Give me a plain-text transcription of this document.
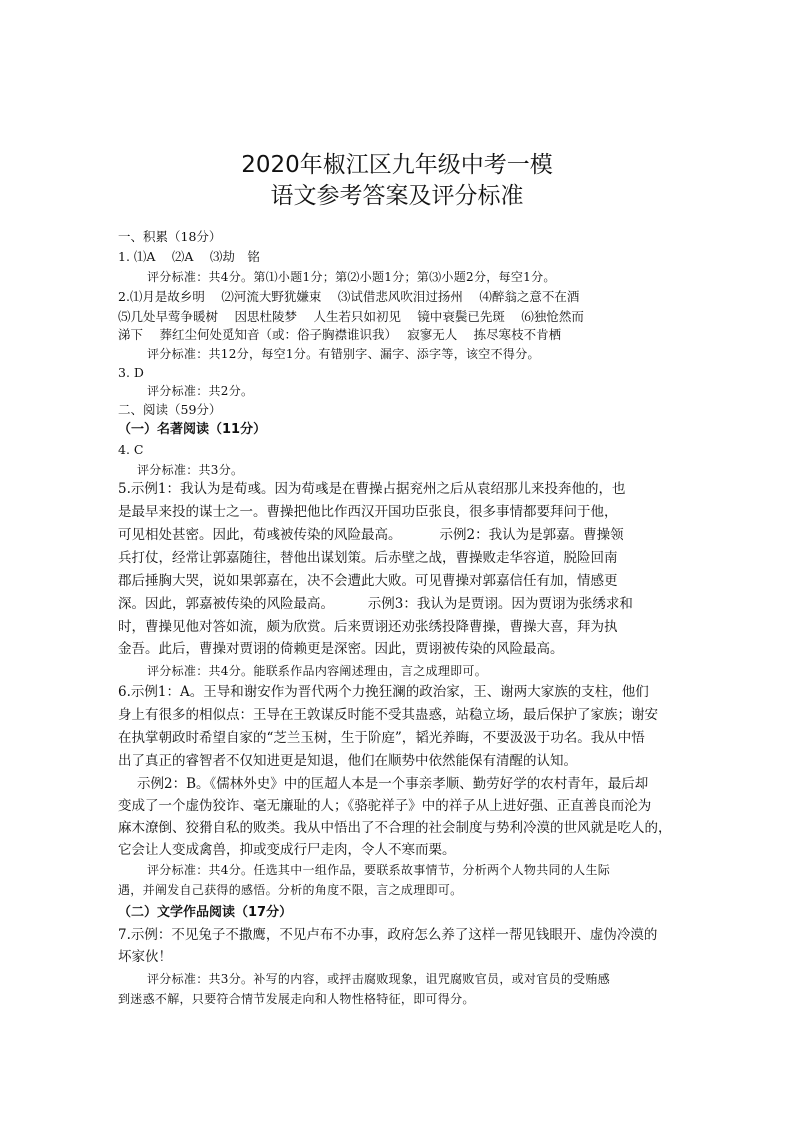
2020年椒江区九年级中考一模
语文参考答案及评分标准
一、积累（18分）
1. ⑴A　 ⑵A　 ⑶劫　铭
评分标准：共4分。第⑴小题1分；第⑵小题1分；第⑶小题2分，每空1分。
2.⑴月是故乡明　 ⑵河流大野犹嫌束　 ⑶试借悲风吹泪过扬州　 ⑷醉翁之意不在酒
⑸几处早莺争暖树　 因思杜陵梦　 人生若只如初见　 镜中衰鬓已先斑　 ⑹独怆然而
涕下　 葬红尘何处觅知音（或：俗子胸襟谁识我）　 寂寥无人　 拣尽寒枝不肯栖
评分标准：共12分，每空1分。有错别字、漏字、添字等，该空不得分。
3. D
评分标准：共2分。
二、阅读（59分）
（一）名著阅读（11分）
4. C
评分标准：共3分。
5.示例1：我认为是荀彧。因为荀彧是在曹操占据兖州之后从袁绍那儿来投奔他的，也
是最早来投的谋士之一。曹操把他比作西汉开国功臣张良，很多事情都要拜问于他，
可见相处甚密。因此，荀彧被传染的风险最高。　　　 示例2：我认为是郭嘉。曹操领
兵打仗，经常让郭嘉随往，替他出谋划策。后赤壁之战，曹操败走华容道，脱险回南
郡后捶胸大哭，说如果郭嘉在，决不会遭此大败。可见曹操对郭嘉信任有加，情感更
深。因此，郭嘉被传染的风险最高。　　　示例3：我认为是贾诩。因为贾诩为张绣求和
时，曹操见他对答如流，颇为欣赏。后来贾诩还劝张绣投降曹操，曹操大喜，拜为执
金吾。此后，曹操对贾诩的倚赖更是深密。因此，贾诩被传染的风险最高。
评分标准：共4分。能联系作品内容阐述理由，言之成理即可。
6.示例1：A。王导和谢安作为晋代两个力挽狂澜的政治家，王、谢两大家族的支柱，他们
身上有很多的相似点：王导在王敦谋反时能不受其蛊惑，站稳立场，最后保护了家族；谢安
在执掌朝政时希望自家的“芝兰玉树，生于阶庭”，韬光养晦，不要汲汲于功名。我从中悟
出了真正的睿智者不仅知进更是知退，他们在顺势中依然能保有清醒的认知。
示例2：B。《儒林外史》中的匡超人本是一个事亲孝顺、勤劳好学的农村青年，最后却
变成了一个虚伪狡诈、毫无廉耻的人；《骆驼祥子》中的祥子从上进好强、正直善良而沦为
麻木潦倒、狡猾自私的败类。我从中悟出了不合理的社会制度与势利冷漠的世风就是吃人的，
它会让人变成禽兽，抑或变成行尸走肉，令人不寒而栗。
评分标准：共4分。任选其中一组作品，要联系故事情节，分析两个人物共同的人生际
遇，并阐发自己获得的感悟。分析的角度不限，言之成理即可。
（二）文学作品阅读（17分）
7.示例：不见兔子不撒鹰，不见卢布不办事，政府怎么养了这样一帮见钱眼开、虚伪冷漠的
坏家伙！
评分标准：共3分。补写的内容，或抨击腐败现象，诅咒腐败官员，或对官员的受贿感
到迷惑不解，只要符合情节发展走向和人物性格特征，即可得分。
